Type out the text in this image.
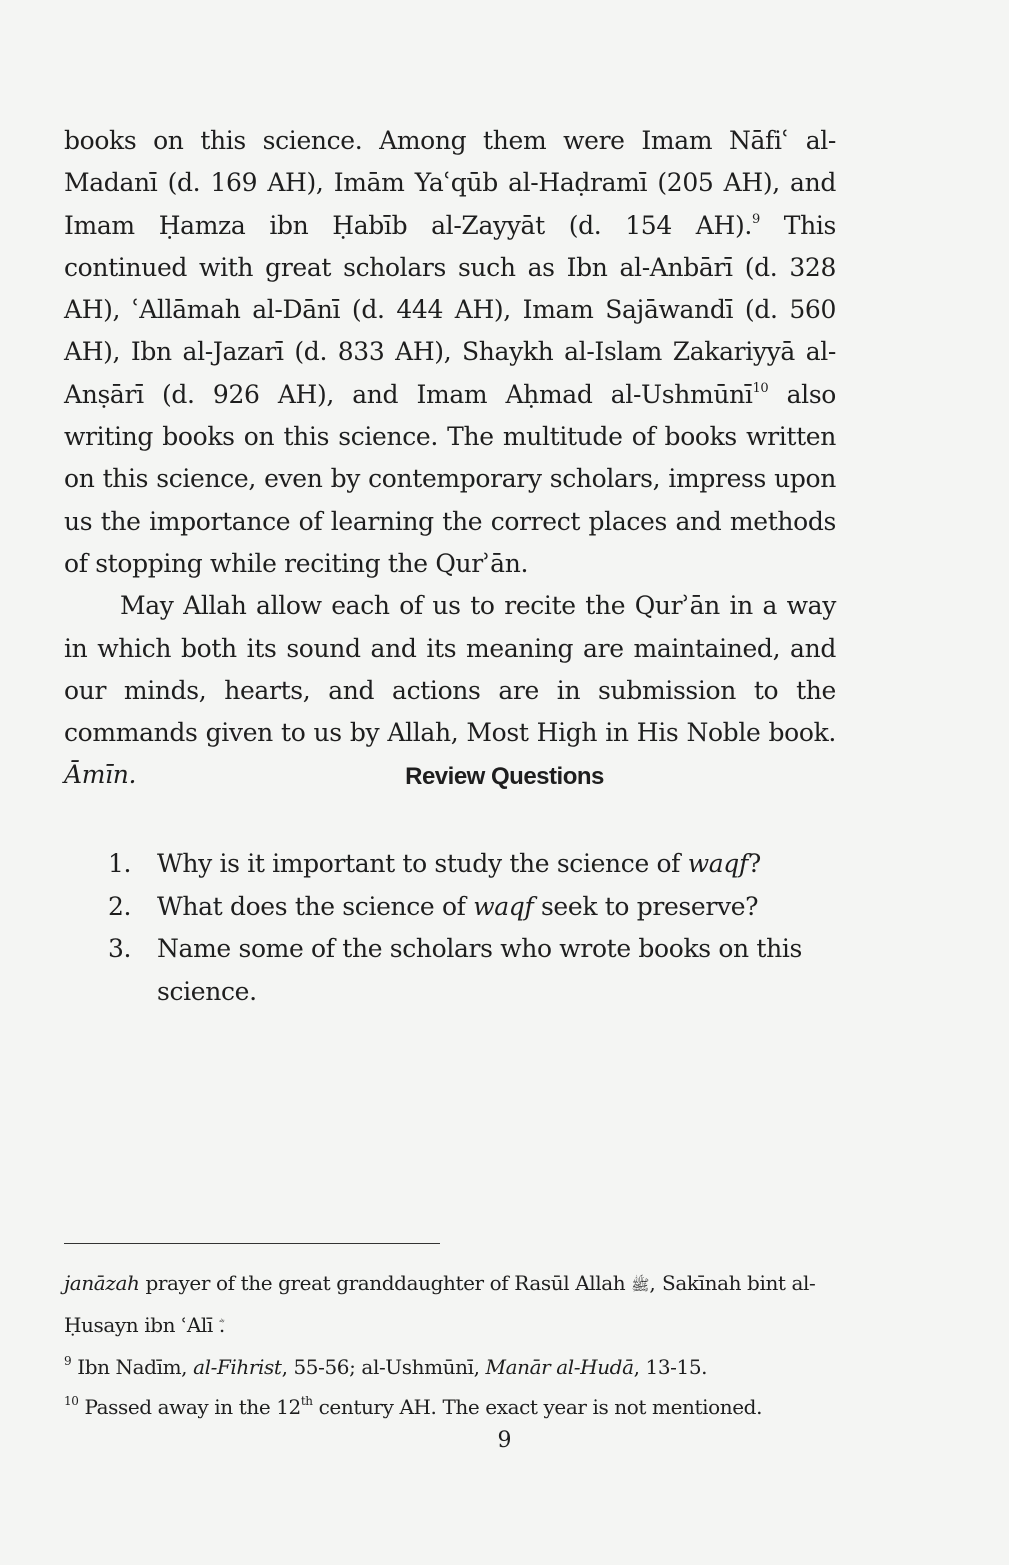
books on this science. Among them were Imam Nāfiʿ al-Madanī (d. 169 AH), Imām Yaʿqūb al-Haḍramī (205 AH), and Imam Ḥamza ibn Ḥabīb al-Zayyāt (d. 154 AH).$^9$ This continued with great scholars such as Ibn al-Anbārī (d. 328 AH), ʿAllāmah al-Dānī (d. 444 AH), Imam Sajāwandī (d. 560 AH), Ibn al-Jazarī (d. 833 AH), Shaykh al-Islam Zakariyyā al-Anṣārī (d. 926 AH), and Imam Aḥmad al-Ushmūnī$^{10}$ also writing books on this science. The multitude of books written on this science, even by contemporary scholars, impress upon us the importance of learning the correct places and methods of stopping while reciting the Qurʾān.

May Allah allow each of us to recite the Qurʾān in a way in which both its sound and its meaning are maintained, and our minds, hearts, and actions are in submission to the commands given to us by Allah, Most High in His Noble book. Āmīn.	Review Questions
1.	Why is it important to study the science of waqf?
2.	What does the science of waqf seek to preserve?
3.	Name some of the scholars who wrote books on this science.

janāzah prayer of the great granddaughter of Rasūl Allah ﷺ, Sakīnah bint al-Ḥusayn ibn ʿAlī .

$^9$ Ibn Nadīm, al-Fihrist, 55-56; al-Ushmūnī, Manār al-Hudā, 13-15.

$^{10}$ Passed away in the 12th century AH. The exact year is not mentioned.

9
